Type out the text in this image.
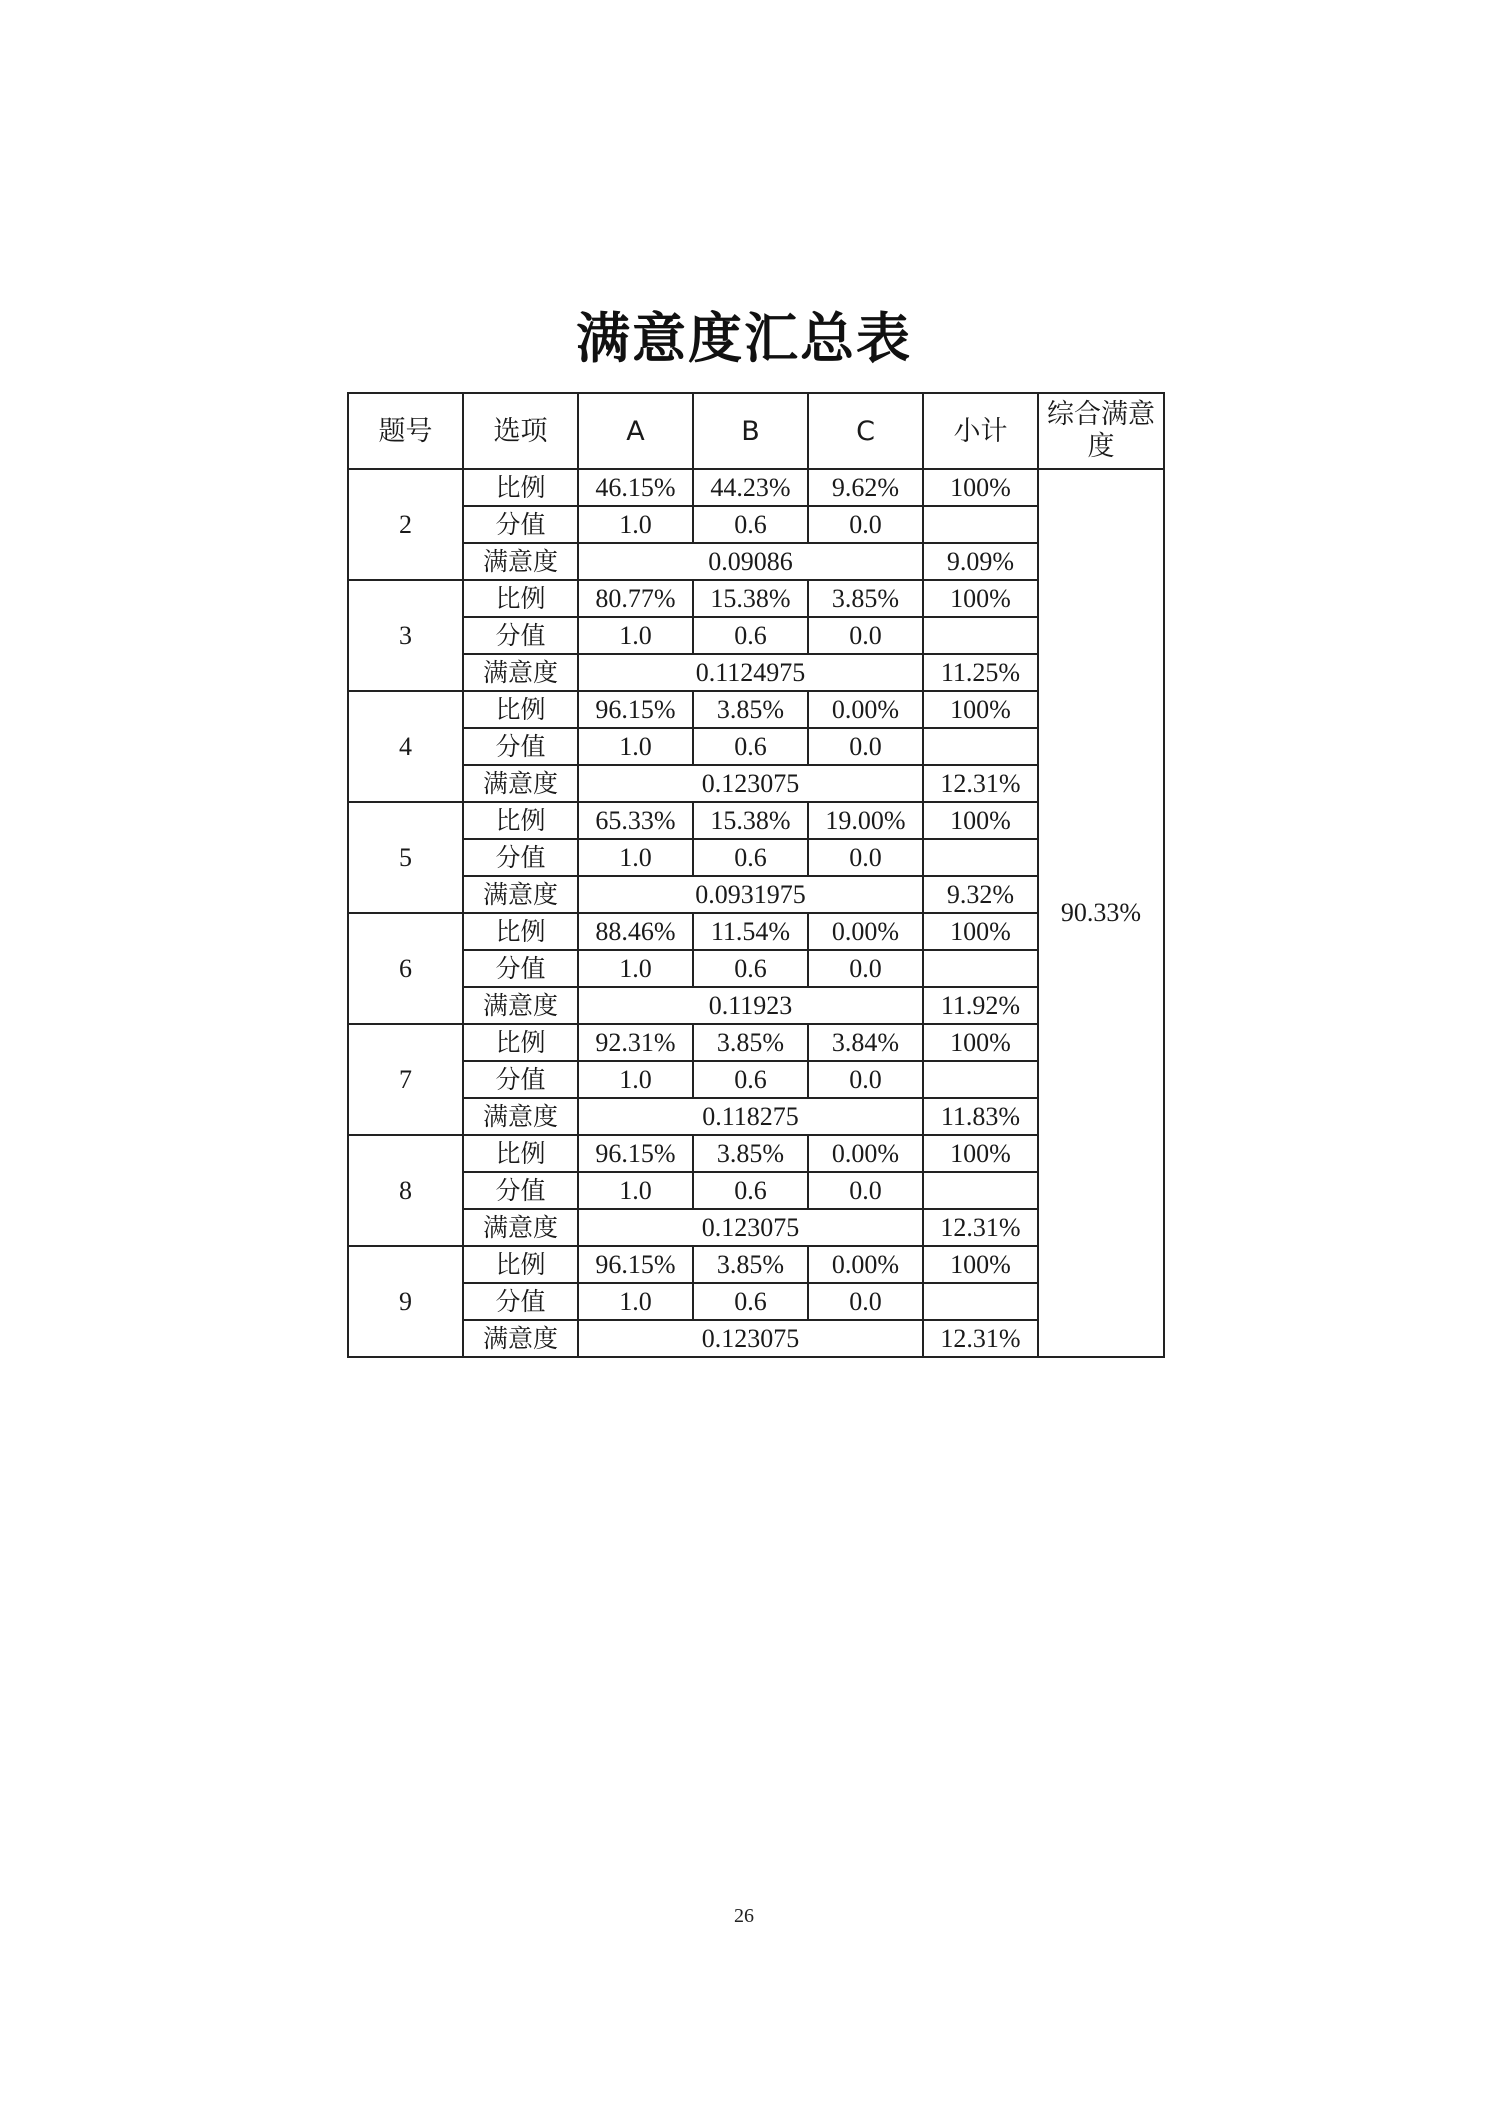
满意度汇总表
题号	选项	A	B	C	小计	综合满意度
2	比例	46.15%	44.23%	9.62%	100%	90.33%
	分值	1.0	0.6	0.0		
	满意度	0.09086			9.09%	
3	比例	80.77%	15.38%	3.85%	100%	
	分值	1.0	0.6	0.0		
	满意度	0.1124975			11.25%	
4	比例	96.15%	3.85%	0.00%	100%	
	分值	1.0	0.6	0.0		
	满意度	0.123075			12.31%	
5	比例	65.33%	15.38%	19.00%	100%	
	分值	1.0	0.6	0.0		
	满意度	0.0931975			9.32%	
6	比例	88.46%	11.54%	0.00%	100%	
	分值	1.0	0.6	0.0		
	满意度	0.11923			11.92%	
7	比例	92.31%	3.85%	3.84%	100%	
	分值	1.0	0.6	0.0		
	满意度	0.118275			11.83%	
8	比例	96.15%	3.85%	0.00%	100%	
	分值	1.0	0.6	0.0		
	满意度	0.123075			12.31%	
9	比例	96.15%	3.85%	0.00%	100%	
	分值	1.0	0.6	0.0		
	满意度	0.123075			12.31%	
26
